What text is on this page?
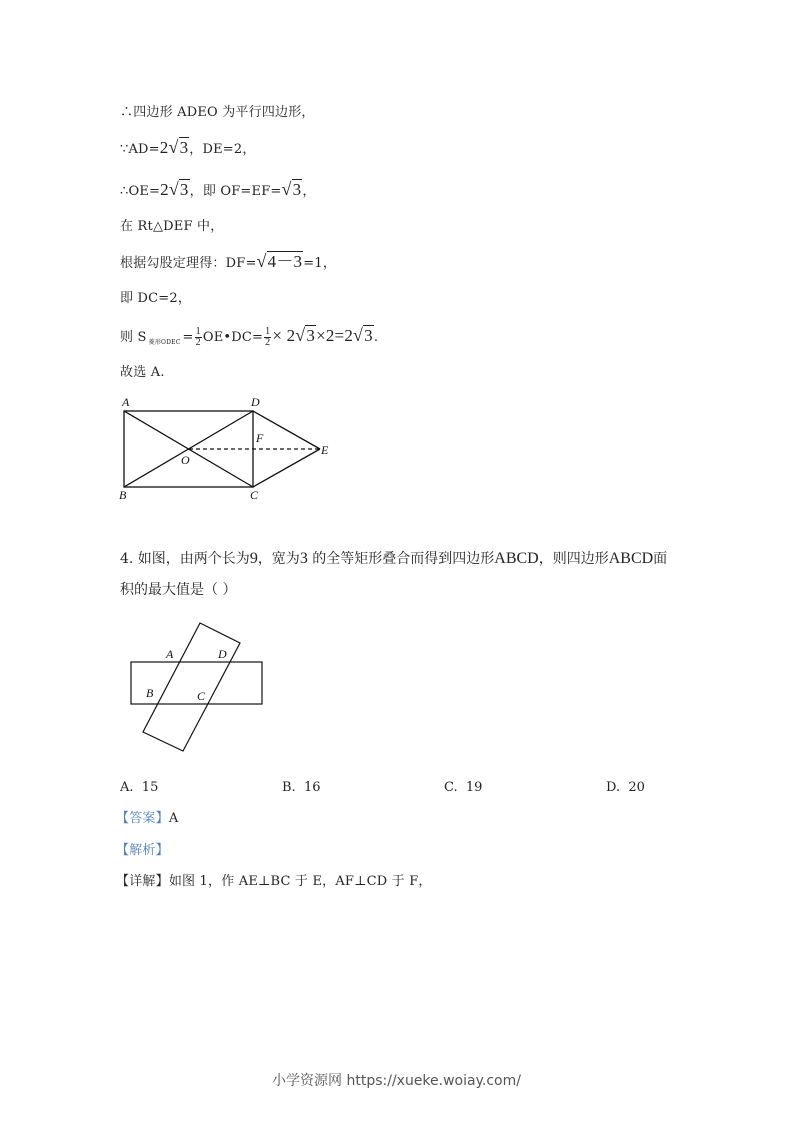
∴四边形 ADEO 为平行四边形，
∵AD=2√3，DE=2，
∴OE=2√3，即 OF=EF=√3，
在 Rt△DEF 中，
根据勾股定理得：DF=√4－3=1，
即 DC=2，
则 S $_{菱形ODEC} = \frac{1}{2}$ OE•DC= $\frac{1}{2} \times 2√3\times 2=2√3$.
故选 A.
A	D
F
O
E
B	C
4. 如图，由两个长为9，宽为3 的全等矩形叠合而得到四边形ABCD，则四边形ABCD面
积的最大值是（ ）
A	D
B	C
A. 15	B. 16	C. 19	D. 20
【答案】A
【解析】
【详解】如图 1，作 AE⊥BC 于 E，AF⊥CD 于 F，
小学资源网 https://xueke.woiay.com/
